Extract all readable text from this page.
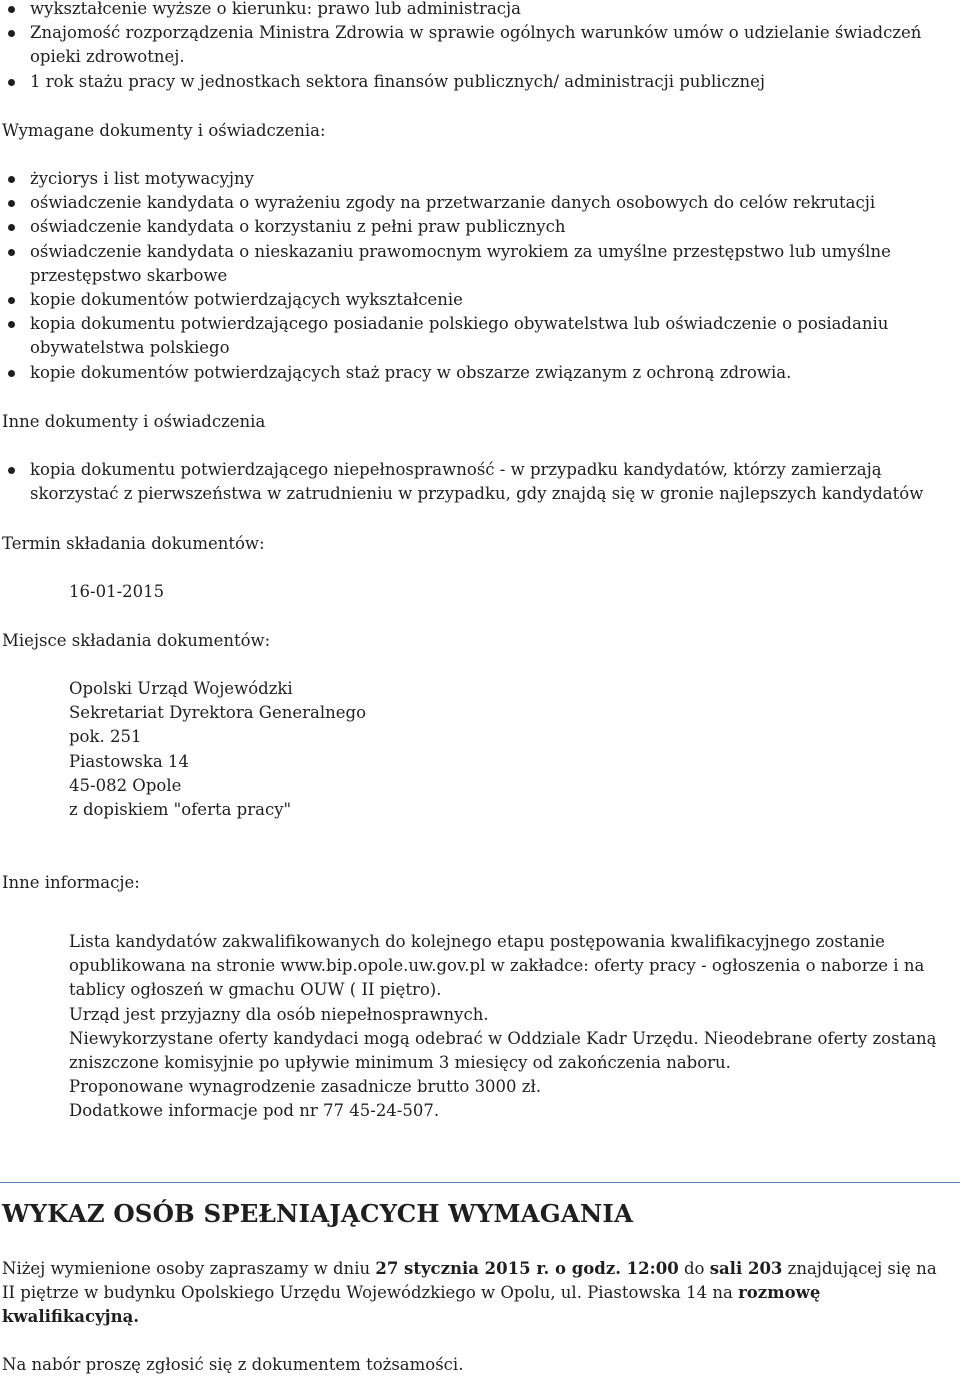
wykształcenie wyższe o kierunku: prawo lub administracja
Znajomość rozporządzenia Ministra Zdrowia w sprawie ogólnych warunków umów o udzielanie świadczeń opieki zdrowotnej.
1 rok stażu pracy w jednostkach sektora finansów publicznych/ administracji publicznej
Wymagane dokumenty i oświadczenia:
życiorys i list motywacyjny
oświadczenie kandydata o wyrażeniu zgody na przetwarzanie danych osobowych do celów rekrutacji
oświadczenie kandydata o korzystaniu z pełni praw publicznych
oświadczenie kandydata o nieskazaniu prawomocnym wyrokiem za umyślne przestępstwo lub umyślne przestępstwo skarbowe
kopie dokumentów potwierdzających wykształcenie
kopia dokumentu potwierdzającego posiadanie polskiego obywatelstwa lub oświadczenie o posiadaniu obywatelstwa polskiego
kopie dokumentów potwierdzających staż pracy w obszarze związanym z ochroną zdrowia.
Inne dokumenty i oświadczenia
kopia dokumentu potwierdzającego niepełnosprawność - w przypadku kandydatów, którzy zamierzają skorzystać z pierwszeństwa w zatrudnieniu w przypadku, gdy znajdą się w gronie najlepszych kandydatów
Termin składania dokumentów:
16-01-2015
Miejsce składania dokumentów:
Opolski Urząd Wojewódzki
Sekretariat Dyrektora Generalnego
pok. 251
Piastowska 14
45-082 Opole
z dopiskiem "oferta pracy"
Inne informacje:
Lista kandydatów zakwalifikowanych do kolejnego etapu postępowania kwalifikacyjnego zostanie opublikowana na stronie www.bip.opole.uw.gov.pl w zakładce: oferty pracy - ogłoszenia o naborze i na tablicy ogłoszeń w gmachu OUW ( II piętro).
Urząd jest przyjazny dla osób niepełnosprawnych.
Niewykorzystane oferty kandydaci mogą odebrać w Oddziale Kadr Urzędu. Nieodebrane oferty zostaną zniszczone komisyjnie po upływie minimum 3 miesięcy od zakończenia naboru.
Proponowane wynagrodzenie zasadnicze brutto 3000 zł.
Dodatkowe informacje pod nr 77 45-24-507.
WYKAZ OSÓB SPEŁNIAJĄCYCH WYMAGANIA
Niżej wymienione osoby zapraszamy w dniu 27 stycznia 2015 r. o godz. 12:00 do sali 203 znajdującej się na II piętrze w budynku Opolskiego Urzędu Wojewódzkiego w Opolu, ul. Piastowska 14 na rozmowę kwalifikacyjną.
Na nabór proszę zgłosić się z dokumentem tożsamości.
